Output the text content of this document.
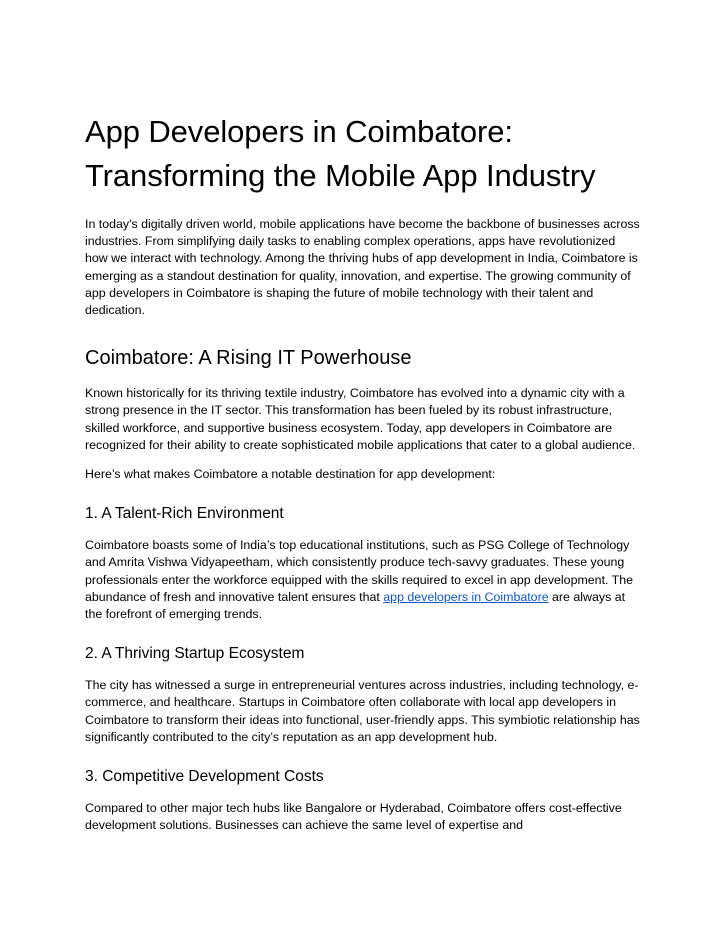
App Developers in Coimbatore: Transforming the Mobile App Industry

In today's digitally driven world, mobile applications have become the backbone of businesses across industries. From simplifying daily tasks to enabling complex operations, apps have revolutionized how we interact with technology. Among the thriving hubs of app development in India, Coimbatore is emerging as a standout destination for quality, innovation, and expertise. The growing community of app developers in Coimbatore is shaping the future of mobile technology with their talent and dedication.

Coimbatore: A Rising IT Powerhouse

Known historically for its thriving textile industry, Coimbatore has evolved into a dynamic city with a strong presence in the IT sector. This transformation has been fueled by its robust infrastructure, skilled workforce, and supportive business ecosystem. Today, app developers in Coimbatore are recognized for their ability to create sophisticated mobile applications that cater to a global audience.

Here’s what makes Coimbatore a notable destination for app development:

1. A Talent-Rich Environment

Coimbatore boasts some of India’s top educational institutions, such as PSG College of Technology and Amrita Vishwa Vidyapeetham, which consistently produce tech-savvy graduates. These young professionals enter the workforce equipped with the skills required to excel in app development. The abundance of fresh and innovative talent ensures that app developers in Coimbatore are always at the forefront of emerging trends.

2. A Thriving Startup Ecosystem

The city has witnessed a surge in entrepreneurial ventures across industries, including technology, e-commerce, and healthcare. Startups in Coimbatore often collaborate with local app developers in Coimbatore to transform their ideas into functional, user-friendly apps. This symbiotic relationship has significantly contributed to the city’s reputation as an app development hub.

3. Competitive Development Costs

Compared to other major tech hubs like Bangalore or Hyderabad, Coimbatore offers cost-effective development solutions. Businesses can achieve the same level of expertise and
